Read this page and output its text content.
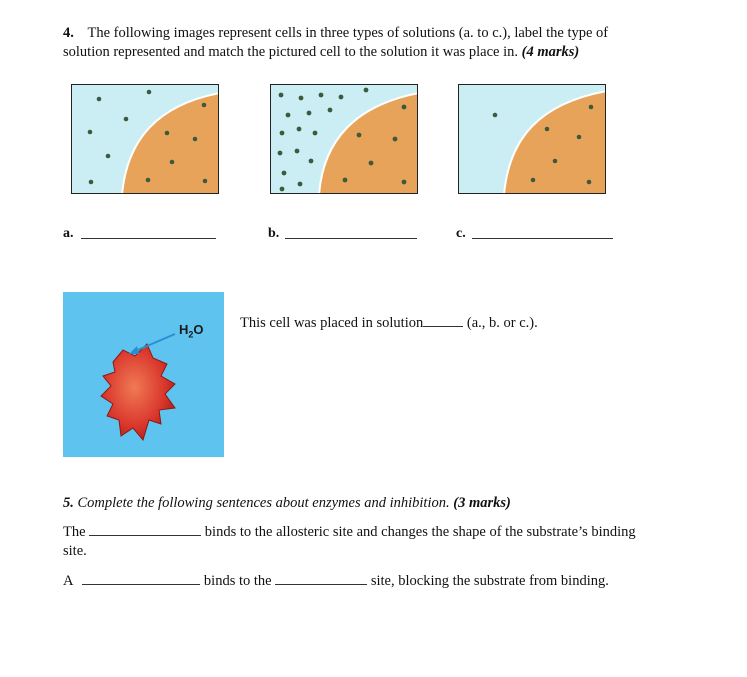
4. The following images represent cells in three types of solutions (a. to c.), label the type of
solution represented and match the pictured cell to the solution it was place in. (4 marks)
a.	b.	c.
$H_2O$	This cell was placed in solution	(a., b. or c.).
5. Complete the following sentences about enzymes and inhibition. (3 marks)
The	binds to the allosteric site and changes the shape of the substrate’s binding
site.
A	binds to the	site, blocking the substrate from binding.
